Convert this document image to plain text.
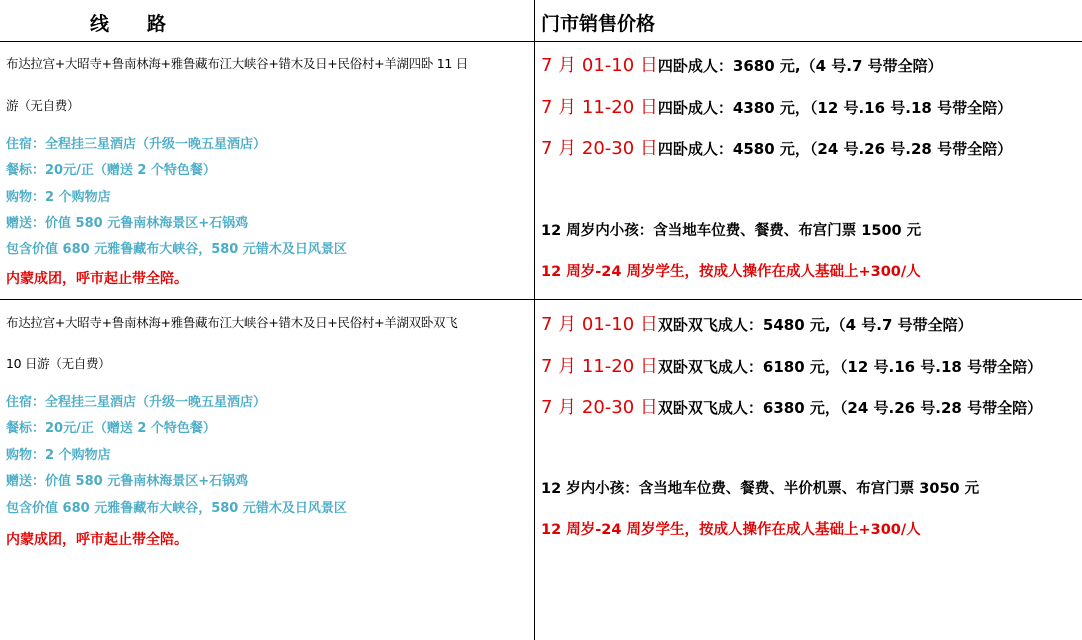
线　　路	门市销售价格
布达拉宫+大昭寺+鲁南林海+雅鲁藏布江大峡谷+错木及日+民俗村+羊湖四卧 11 日
游（无自费）
住宿：全程挂三星酒店（升级一晚五星酒店）
餐标：20元/正（赠送 2 个特色餐）
购物：2 个购物店
赠送：价值 580 元鲁南林海景区+石锅鸡
包含价值 680 元雅鲁藏布大峡谷，580 元错木及日风景区
内蒙成团，呼市起止带全陪。
7 月 01-10 日四卧成人：3680 元,（4 号.7 号带全陪）
7 月 11-20 日四卧成人：4380 元，（12 号.16 号.18 号带全陪）
7 月 20-30 日四卧成人：4580 元，（24 号.26 号.28 号带全陪）
12 周岁内小孩：含当地车位费、餐费、布宫门票 1500 元
12 周岁-24 周岁学生，按成人操作在成人基础上+300/人
布达拉宫+大昭寺+鲁南林海+雅鲁藏布江大峡谷+错木及日+民俗村+羊湖双卧双飞
10 日游（无自费）
住宿：全程挂三星酒店（升级一晚五星酒店）
餐标：20元/正（赠送 2 个特色餐）
购物：2 个购物店
赠送：价值 580 元鲁南林海景区+石锅鸡
包含价值 680 元雅鲁藏布大峡谷，580 元错木及日风景区
内蒙成团，呼市起止带全陪。
7 月 01-10 日双卧双飞成人：5480 元,（4 号.7 号带全陪）
7 月 11-20 日双卧双飞成人：6180 元，（12 号.16 号.18 号带全陪）
7 月 20-30 日双卧双飞成人：6380 元，（24 号.26 号.28 号带全陪）
12 岁内小孩：含当地车位费、餐费、半价机票、布宫门票 3050 元
12 周岁-24 周岁学生，按成人操作在成人基础上+300/人
